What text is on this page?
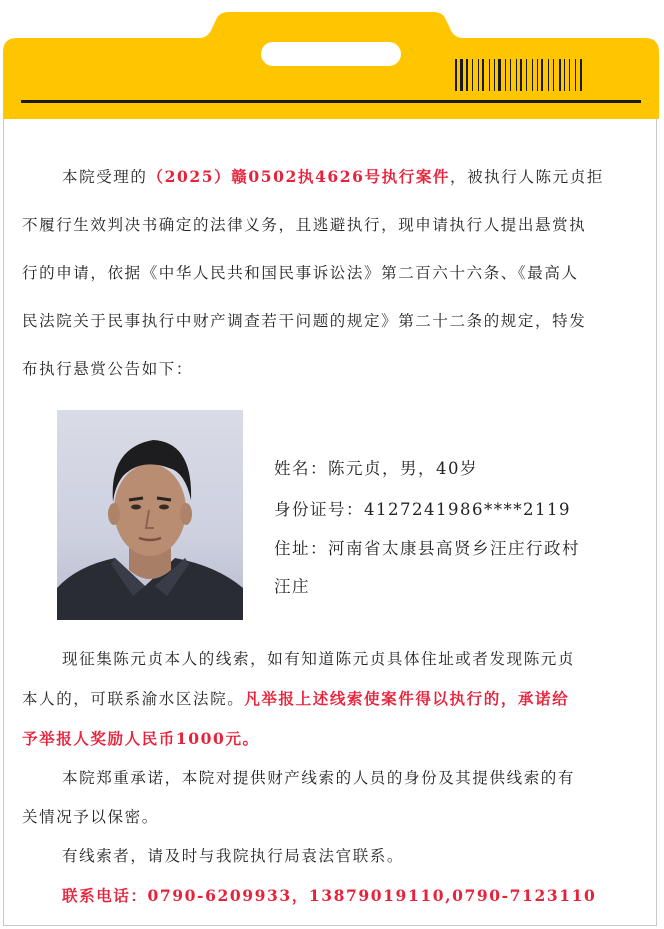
本院受理的（2025）赣0502执4626号执行案件，被执行人陈元贞拒
不履行生效判决书确定的法律义务，且逃避执行，现申请执行人提出悬赏执
行的申请，依据《中华人民共和国民事诉讼法》第二百六十六条、《最高人
民法院关于民事执行中财产调查若干问题的规定》第二十二条的规定，特发
布执行悬赏公告如下：
姓名：陈元贞，男，40岁
身份证号：4127241986****2119
住址：河南省太康县高贤乡汪庄行政村
汪庄
现征集陈元贞本人的线索，如有知道陈元贞具体住址或者发现陈元贞
本人的，可联系渝水区法院。凡举报上述线索使案件得以执行的，承诺给
予举报人奖励人民币1000元。
本院郑重承诺，本院对提供财产线索的人员的身份及其提供线索的有
关情况予以保密。
有线索者，请及时与我院执行局袁法官联系。
联系电话：0790-6209933，13879019110,0790-7123110
